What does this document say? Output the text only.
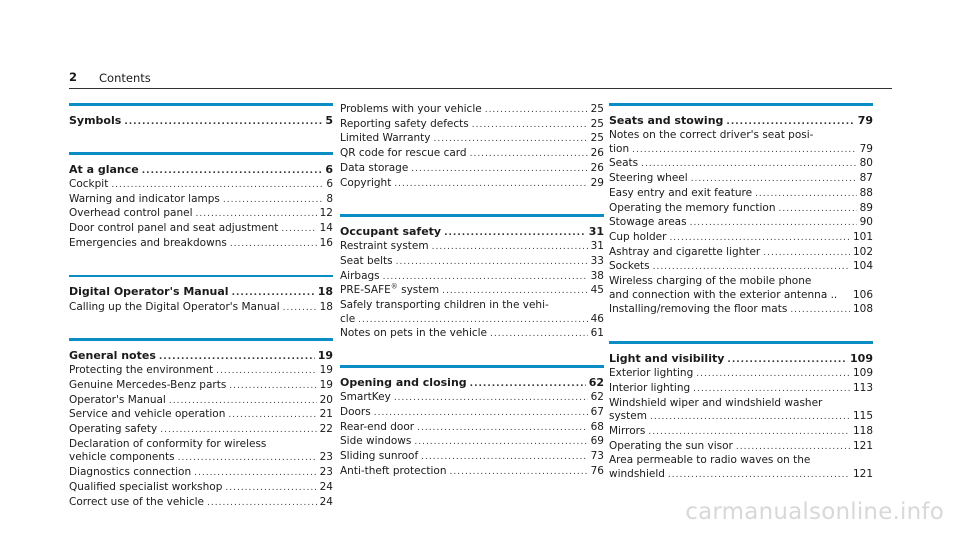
2 Contents
Symbols .....	5
At a glance .....	6
Cockpit .....	6
Warning and indicator lamps .....	8
Overhead control panel .....	12
Door control panel and seat adjustment .....	14
Emergencies and breakdowns .....	16
Digital Operator's Manual .....	18
Calling up the Digital Operator's Manual .....	18
General notes .....	19
Protecting the environment .....	19
Genuine Mercedes-Benz parts .....	19
Operator's Manual .....	20
Service and vehicle operation .....	21
Operating safety .....	22
Declaration of conformity for wireless
vehicle components .....	23
Diagnostics connection .....	23
Qualified specialist workshop .....	24
Correct use of the vehicle .....	24
Problems with your vehicle .....	25
Reporting safety defects .....	25
Limited Warranty .....	25
QR code for rescue card .....	26
Data storage .....	26
Copyright .....	29
Occupant safety .....	31
Restraint system .....	31
Seat belts .....	33
Airbags .....	38
PRE-SAFE® system .....	45
Safely transporting children in the vehi-
cle .....	46
Notes on pets in the vehicle .....	61
Opening and closing .....	62
SmartKey .....	62
Doors .....	67
Rear-end door .....	68
Side windows .....	69
Sliding sunroof .....	73
Anti-theft protection .....	76
Seats and stowing .....	79
Notes on the correct driver's seat posi-
tion .....	79
Seats .....	80
Steering wheel .....	87
Easy entry and exit feature .....	88
Operating the memory function .....	89
Stowage areas .....	90
Cup holder .....	101
Ashtray and cigarette lighter .....	102
Sockets .....	104
Wireless charging of the mobile phone
and connection with the exterior antenna .. 106
Installing/removing the floor mats .....	108
Light and visibility .....	109
Exterior lighting .....	109
Interior lighting .....	113
Windshield wiper and windshield washer
system .....	115
Mirrors .....	118
Operating the sun visor .....	121
Area permeable to radio waves on the
windshield .....	121
carmanualsonline.info
